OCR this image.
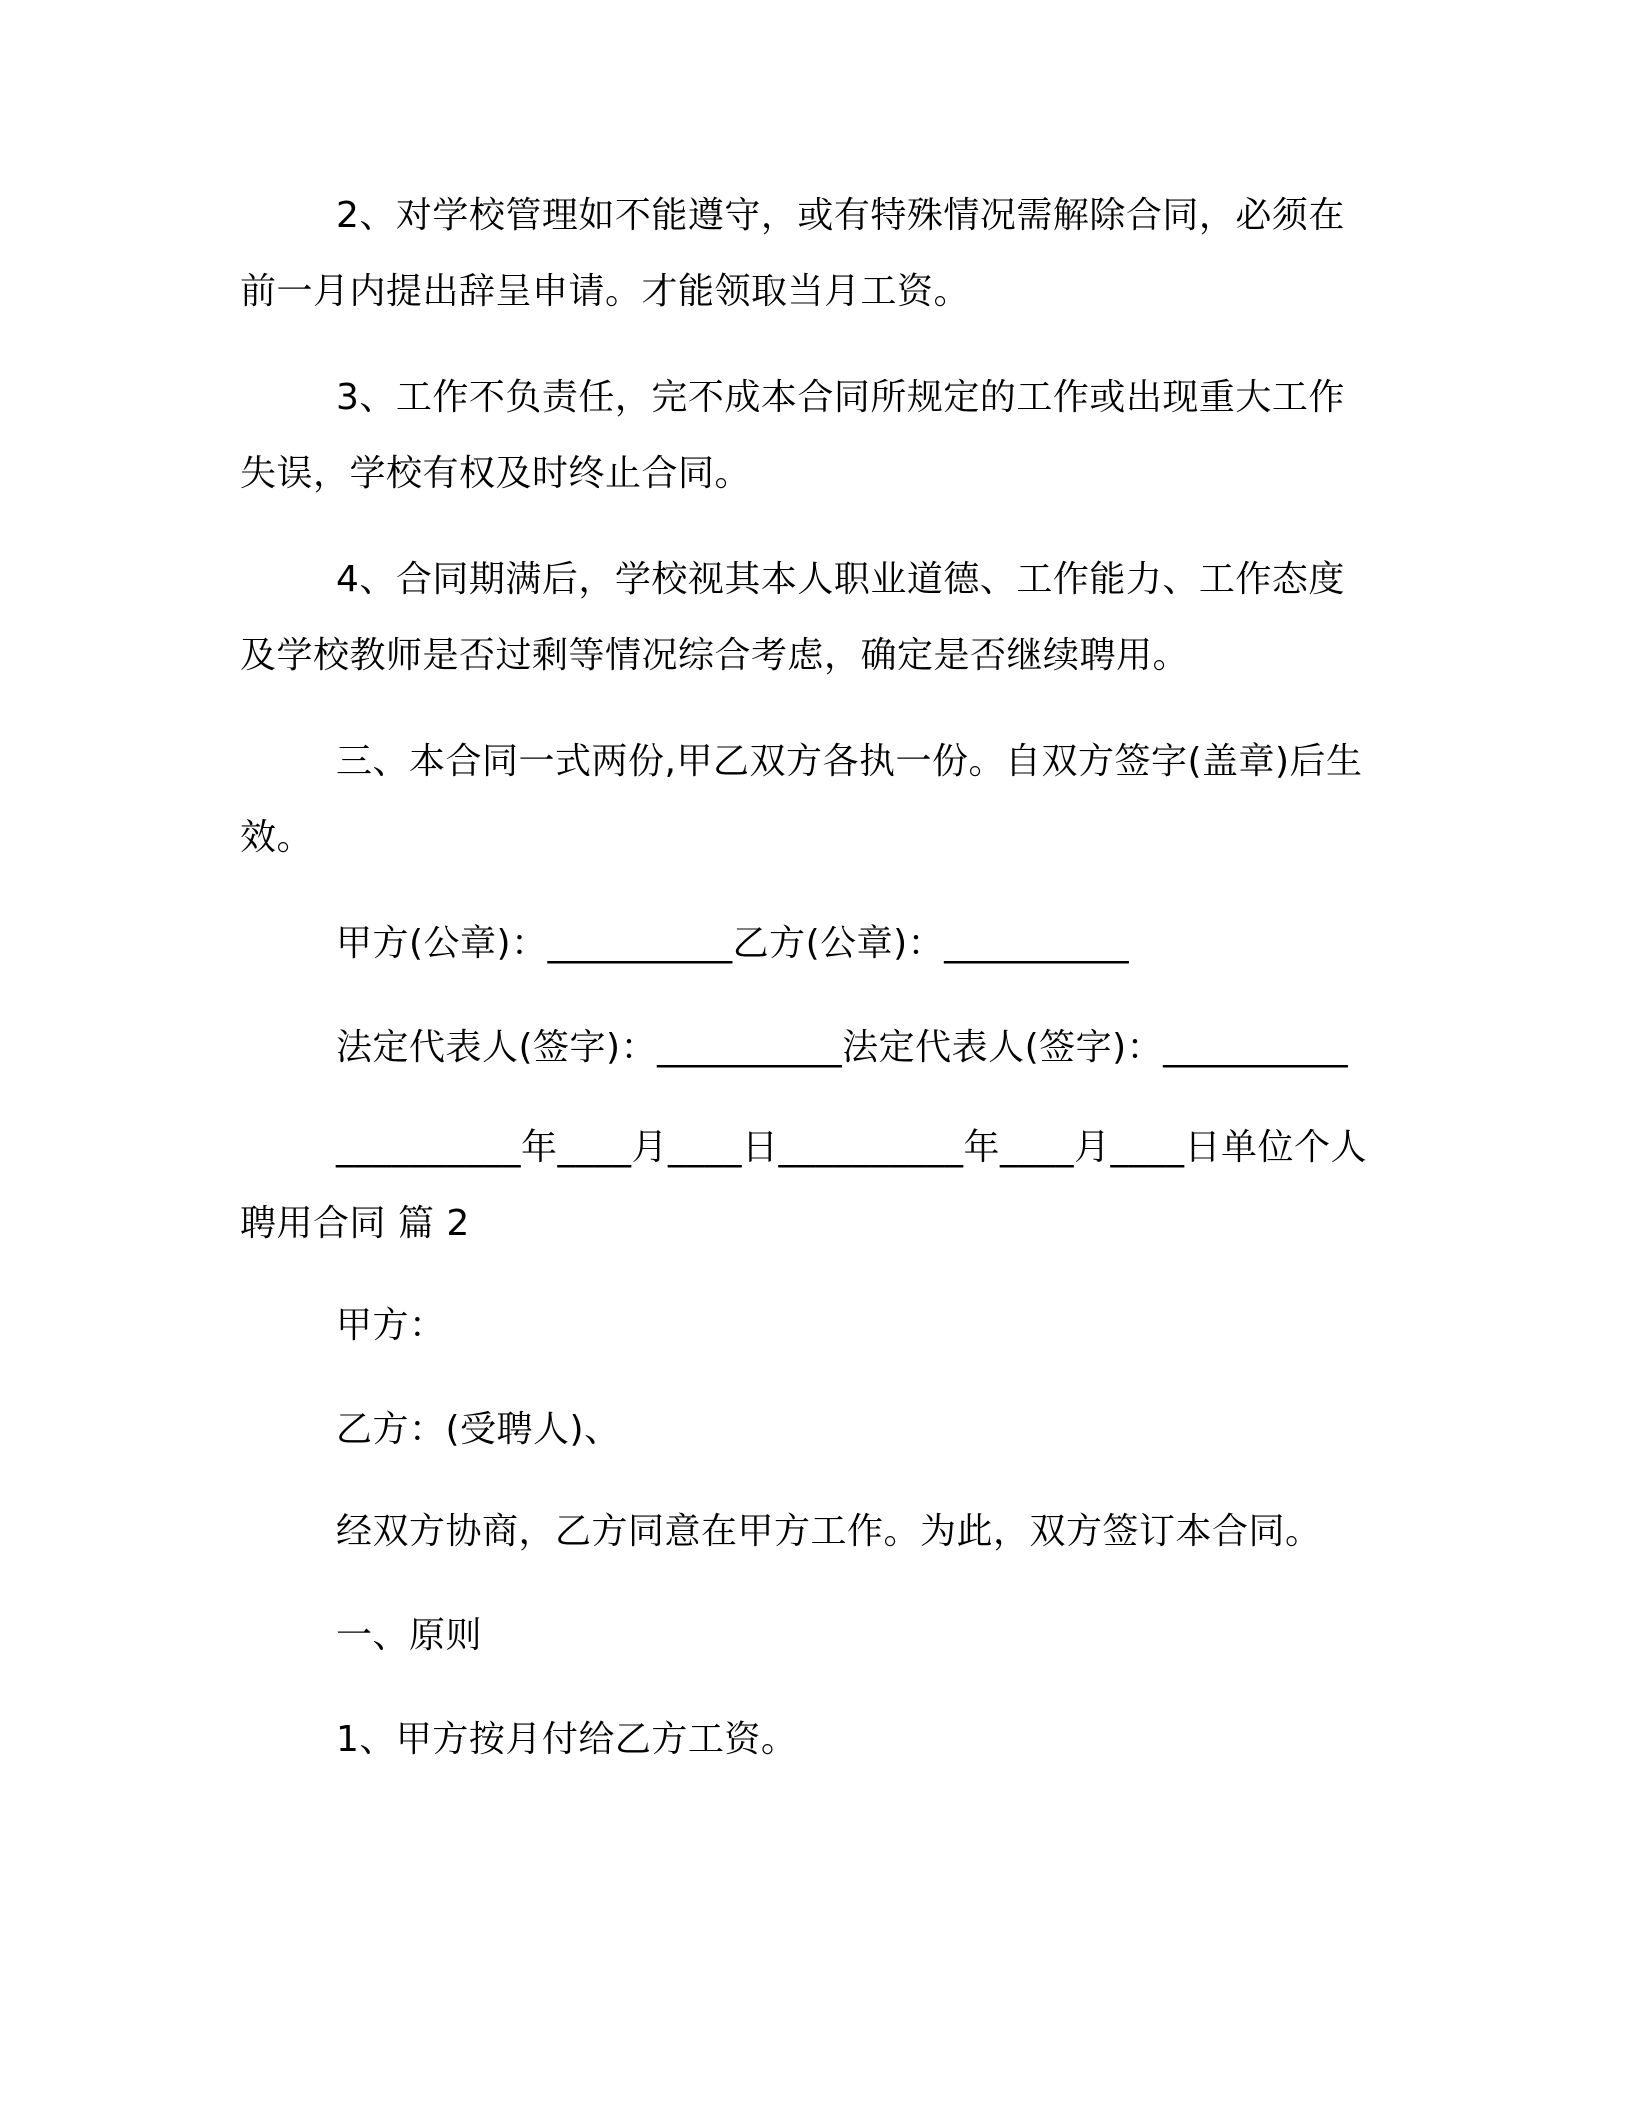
2、对学校管理如不能遵守，或有特殊情况需解除合同，必须在前一月内提出辞呈申请。才能领取当月工资。

3、工作不负责任，完不成本合同所规定的工作或出现重大工作失误，学校有权及时终止合同。

4、合同期满后，学校视其本人职业道德、工作能力、工作态度及学校教师是否过剩等情况综合考虑，确定是否继续聘用。

三、本合同一式两份,甲乙双方各执一份。自双方签字(盖章)后生效。

甲方(公章)：__________乙方(公章)：__________

法定代表人(签字)：__________法定代表人(签字)：__________

__________年____月____日__________年____月____日单位个人聘用合同 篇 2

甲方：

乙方：(受聘人)、

经双方协商，乙方同意在甲方工作。为此，双方签订本合同。

一、原则

1、甲方按月付给乙方工资。
